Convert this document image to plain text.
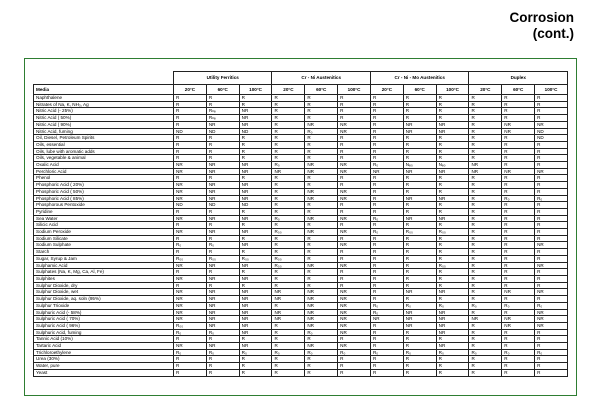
Corrosion
(cont.)
	Utility Ferritics			Cr - Ni Austenitics			Cr - Ni - Mo Austenitics			Duplex		
Media	20°C	60°C	100°C	20°C	60°C	100°C	20°C	60°C	100°C	20°C	60°C	100°C
Naphthalene	R	R	R	R	R	R	R	R	R	R	R	R
Nitrates of Na, K, NH₃, Ag	R	R	R	R	R	R	R	R	R	R	R	R
Nitric Acid (- 25%)	R	Rₙₑ	NR	R	R	R	R	R	R	R	R	R
Nitric Acid ( 50%)	R	Rₙₑ	NR	R	R	R	R	R	R	R	R	R
Nitric Acid ( 90%)	R	NR	NR	R	NR	NR	R	NR	NR	R	NR	NR
Nitric Acid, fuming	ND	ND	ND	R	R₀	NR	R	NR	NR	R	NR	ND
Oil, Diesel, Petroleum Spirits	R	R	R	R	R	R	R	R	R	R	R	ND
Oils, essential	R	R	R	R	R	R	R	R	R	R	R	R
Oils, lube with aromatic adds	R	R	R	R	R	R	R	R	R	R	R	R
Oils, vegetable & animal	R	R	R	R	R	R	R	R	R	R	R	R
Oxalic Acid	NR	NR	NR	R₀	NR	NR	R₀	Nₑ₀	Nₑ₀	NR	R	R
Perchloric Acid	NR	NR	NR	NR	NR	NR	NR	NR	NR	NR	NR	NR
Phenol	R	R	R	R	R	R	R	R	R	R	R	R
Phosphoric Acid ( 20%)	NR	NR	NR	R	R	R	R	R	R	R	R	R
Phosphoric Acid ( 50%)	NR	NR	NR	R	NR	NR	R	R	R	R	R	R
Phosphoric Acid ( 85%)	NR	NR	NR	R	NR	NR	R	NR	NR	R	R₀	R₀
Phosphorous Pentoxide	ND	ND	ND	R	R	R	R	R	R	R	R	R
Pyridine	R	R	R	R	R	R	R	R	R	R	R	R
Sea Water	NR	NR	NR	R₀	NR	NR	R₀	NR	NR	R	R	R
Silicic Acid	R	R	R	R	R	R	R	R	R	R	R	R
Sodium Peroxide	NR	NR	NR	R₀₀	NR	NR	R₀	R₀₀	R₀₀	R	R	R
Sodium Silicate	R	R	R	R	R	R	R	R	R	R	R	R
Sodium Sulphate	R₀	R₀	NR	R	R	NR	R	R	R	R	R	NR
Starch	R	R	R	R	R	R	R	R	R	R	R	R
Sugar, Syrup & Jam	R₀₀	R₀₀	R₀₀	R₀₀	R	R	R	R	R	R	R	R
Sulphamic Acid	NR	NR	NR	R₀₀	NR	NR	R	R	R₀₀	R	R	NR
Sulphates (Na, K, Mg, Ca, Al, Fe)	R	R	R	R	R	R	R	R	R	R	R	R
Sulphites	NR	NR	NR	R	R	R	R	R	R	R	R	R
Sulphur Dioxide, dry	R	R	R	R	R	R	R	R	R	R	R	R
Sulphur Dioxide, wet	NR	NR	NR	NR	NR	NR	R	NR	NR	R	NR	NR
Sulphur Dioxide, aq. soln (95%)	NR	NR	NR	NR	NR	NR	R	R	R	R	R	R
Sulphur Trioxide	NR	NR	NR	R	NR	NR	R₀	R₀	R₀	R₀	R₀	R₀
Sulphuric Acid (- 58%)	NR	NR	NR	NR	NR	NR	R₀	NR	NR	R	R	NR
Sulphuric Acid ( 70%)	NR	NR	NR	NR	NR	NR	NR	NR	NR	NR	NR	NR
Sulphuric Acid ( 96%)	R₀₀	NR	NR	R	NR	NR	R	NR	NR	R	NR	NR
Sulphuric Acid, fuming	R₀	R₀	NR	R	R₀	NR	R	R	NR	R	R	R
Tannic Acid (10%)	R	R	R	R	R	R	R	R	R	R	R	R
Tartaric Acid	NR	NR	NR	R	NR	NR	R	R	NR	R	R	R
Trichloroethylene	R₀	R₀	R₀	R₀	R₀	R₀	R₀	R₀	R₀	R₀	R₀	R₀
Urea (30%)	R	R	R	R	R	R	R	R	R	R	R	R
Water, pure	R	R	R	R	R	R	R	R	R	R	R	R
Yeast	R	R	R	R	R	R	R	R	R	R	R	R
